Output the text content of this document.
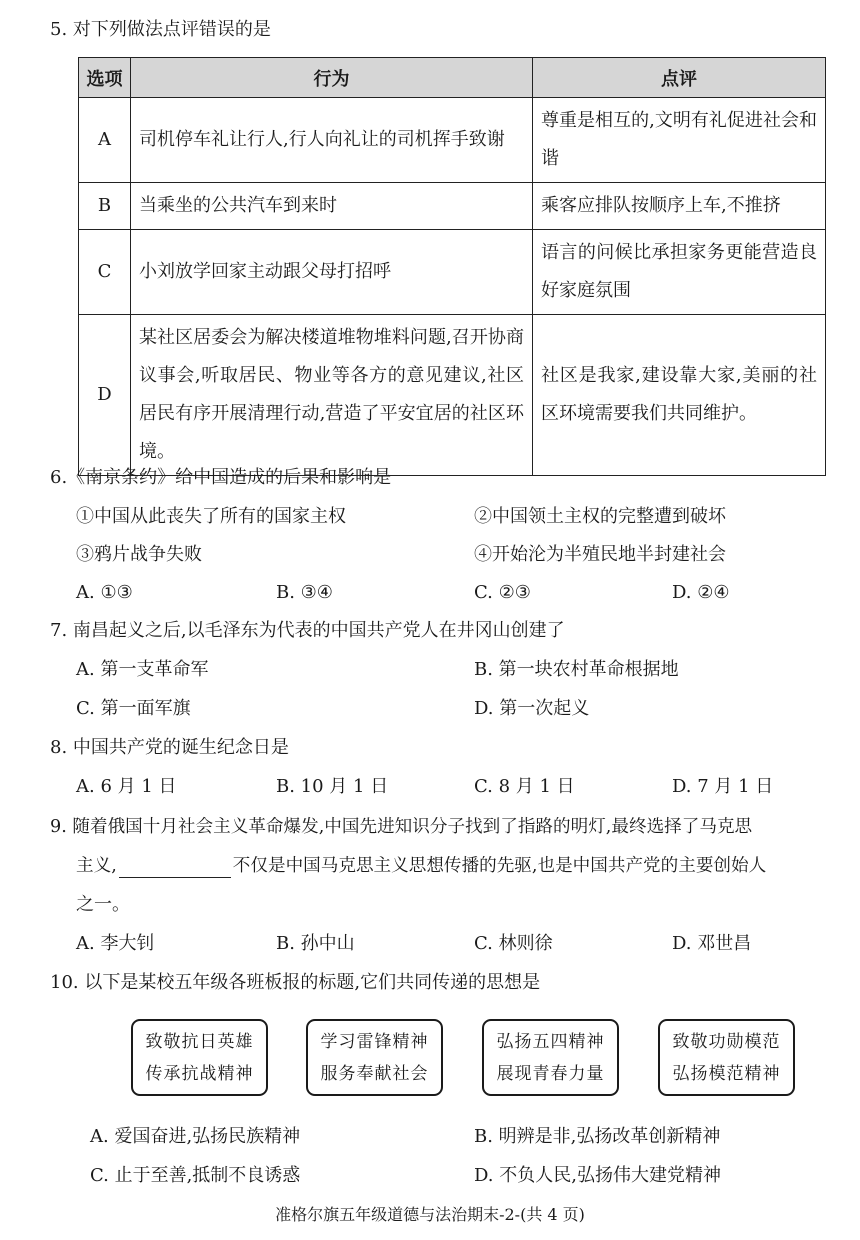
5. 对下列做法点评错误的是
选项	行为	点评
A	司机停车礼让行人,行人向礼让的司机挥手致谢	尊重是相互的,文明有礼促进社会和谐
B	当乘坐的公共汽车到来时	乘客应排队按顺序上车,不推挤
C	小刘放学回家主动跟父母打招呼	语言的问候比承担家务更能营造良好家庭氛围
D	某社区居委会为解决楼道堆物堆料问题,召开协商议事会,听取居民、物业等各方的意见建议,社区居民有序开展清理行动,营造了平安宜居的社区环境。	社区是我家,建设靠大家,美丽的社区环境需要我们共同维护。
6.《南京条约》给中国造成的后果和影响是
①中国从此丧失了所有的国家主权	②中国领土主权的完整遭到破坏
③鸦片战争失败	④开始沦为半殖民地半封建社会
A. ①③	B. ③④	C. ②③	D. ②④
7. 南昌起义之后,以毛泽东为代表的中国共产党人在井冈山创建了
A. 第一支革命军	B. 第一块农村革命根据地
C. 第一面军旗	D. 第一次起义
8. 中国共产党的诞生纪念日是
A. 6 月 1 日	B. 10 月 1 日	C. 8 月 1 日	D. 7 月 1 日
9. 随着俄国十月社会主义革命爆发,中国先进知识分子找到了指路的明灯,最终选择了马克思
主义,	不仅是中国马克思主义思想传播的先驱,也是中国共产党的主要创始人
之一。
A. 李大钊	B. 孙中山	C. 林则徐	D. 邓世昌
10. 以下是某校五年级各班板报的标题,它们共同传递的思想是
致敬抗日英雄
传承抗战精神
学习雷锋精神
服务奉献社会
弘扬五四精神
展现青春力量
致敬功勋模范
弘扬模范精神
A. 爱国奋进,弘扬民族精神	B. 明辨是非,弘扬改革创新精神
C. 止于至善,抵制不良诱惑	D. 不负人民,弘扬伟大建党精神
准格尔旗五年级道德与法治期末-2-(共 4 页)
